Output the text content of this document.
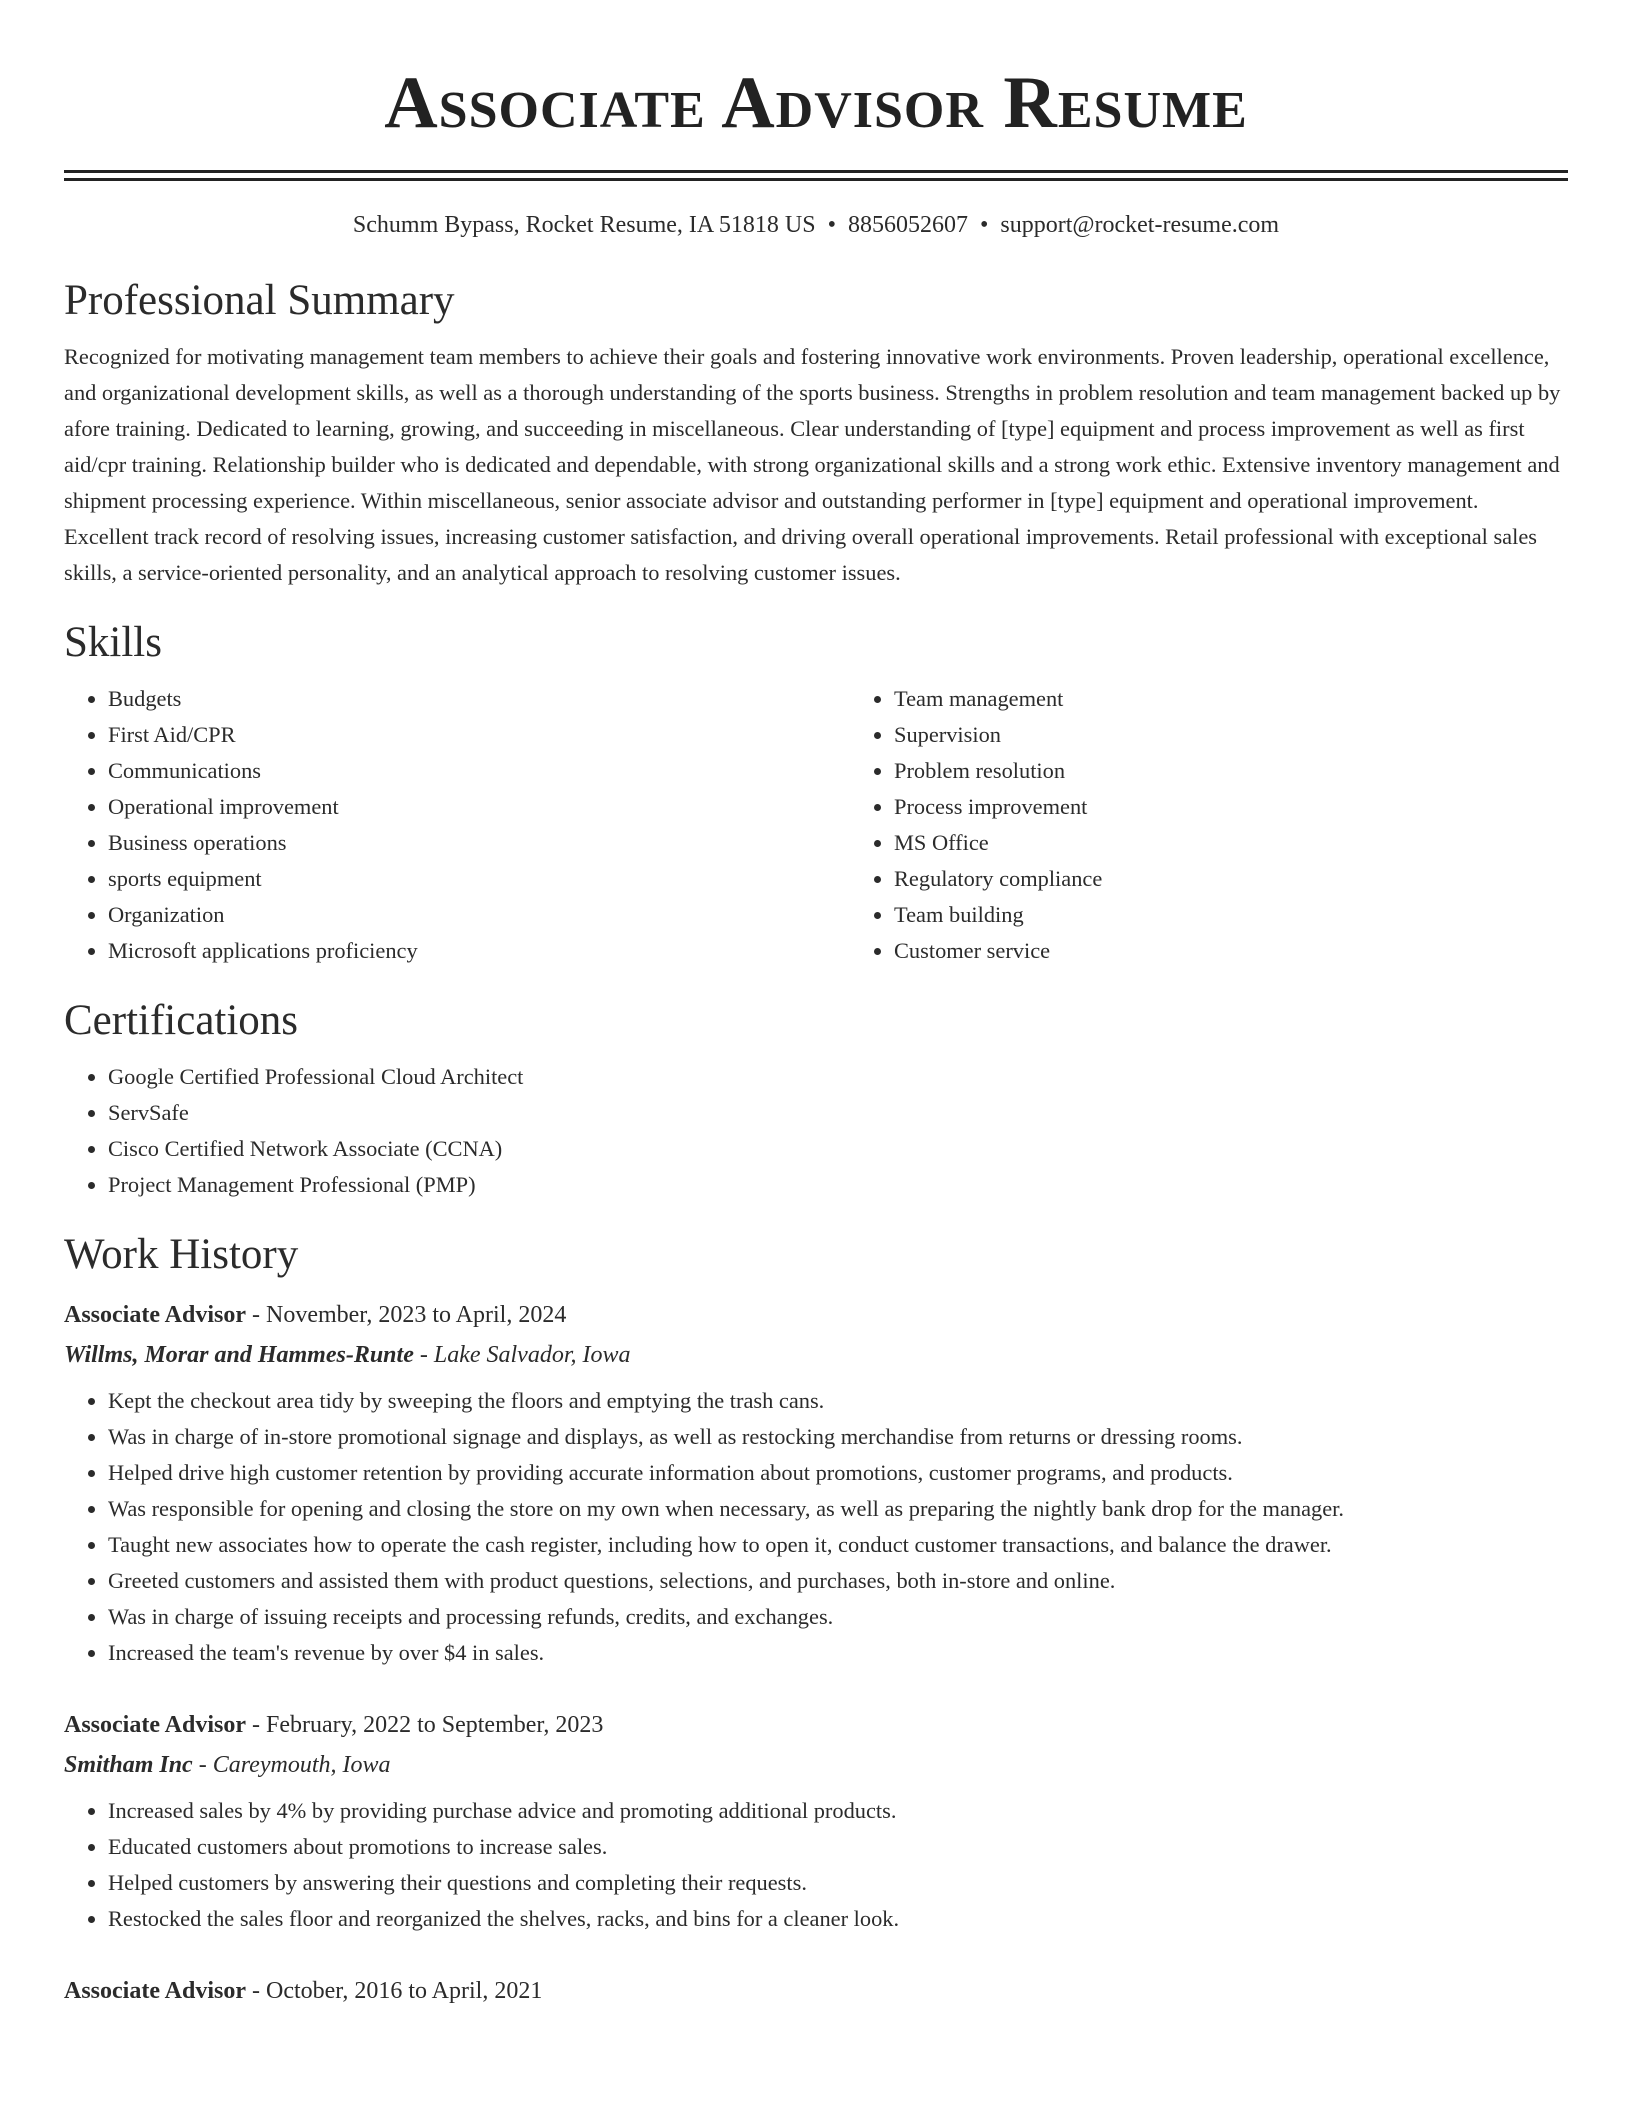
Associate Advisor Resume
Schumm Bypass, Rocket Resume, IA 51818 US • 8856052607 • support@rocket-resume.com
Professional Summary

Recognized for motivating management team members to achieve their goals and fostering innovative work environments. Proven leadership, operational excellence, and organizational development skills, as well as a thorough understanding of the sports business. Strengths in problem resolution and team management backed up by afore training. Dedicated to learning, growing, and succeeding in miscellaneous. Clear understanding of [type] equipment and process improvement as well as first aid/cpr training. Relationship builder who is dedicated and dependable, with strong organizational skills and a strong work ethic. Extensive inventory management and shipment processing experience. Within miscellaneous, senior associate advisor and outstanding performer in [type] equipment and operational improvement. Excellent track record of resolving issues, increasing customer satisfaction, and driving overall operational improvements. Retail professional with exceptional sales skills, a service-oriented personality, and an analytical approach to resolving customer issues.

Skills
• Budgets
• First Aid/CPR
• Communications
• Operational improvement
• Business operations
• sports equipment
• Organization
• Microsoft applications proficiency
• Team management
• Supervision
• Problem resolution
• Process improvement
• MS Office
• Regulatory compliance
• Team building
• Customer service
Certifications
• Google Certified Professional Cloud Architect
• ServSafe
• Cisco Certified Network Associate (CCNA)
• Project Management Professional (PMP)
Work History
Associate Advisor - November, 2023 to April, 2024
Willms, Morar and Hammes-Runte - Lake Salvador, Iowa
• Kept the checkout area tidy by sweeping the floors and emptying the trash cans.
• Was in charge of in-store promotional signage and displays, as well as restocking merchandise from returns or dressing rooms.
• Helped drive high customer retention by providing accurate information about promotions, customer programs, and products.
• Was responsible for opening and closing the store on my own when necessary, as well as preparing the nightly bank drop for the manager.
• Taught new associates how to operate the cash register, including how to open it, conduct customer transactions, and balance the drawer.
• Greeted customers and assisted them with product questions, selections, and purchases, both in-store and online.
• Was in charge of issuing receipts and processing refunds, credits, and exchanges.
• Increased the team's revenue by over $4 in sales.
Associate Advisor - February, 2022 to September, 2023
Smitham Inc - Careymouth, Iowa
• Increased sales by 4% by providing purchase advice and promoting additional products.
• Educated customers about promotions to increase sales.
• Helped customers by answering their questions and completing their requests.
• Restocked the sales floor and reorganized the shelves, racks, and bins for a cleaner look.
Associate Advisor - October, 2016 to April, 2021
